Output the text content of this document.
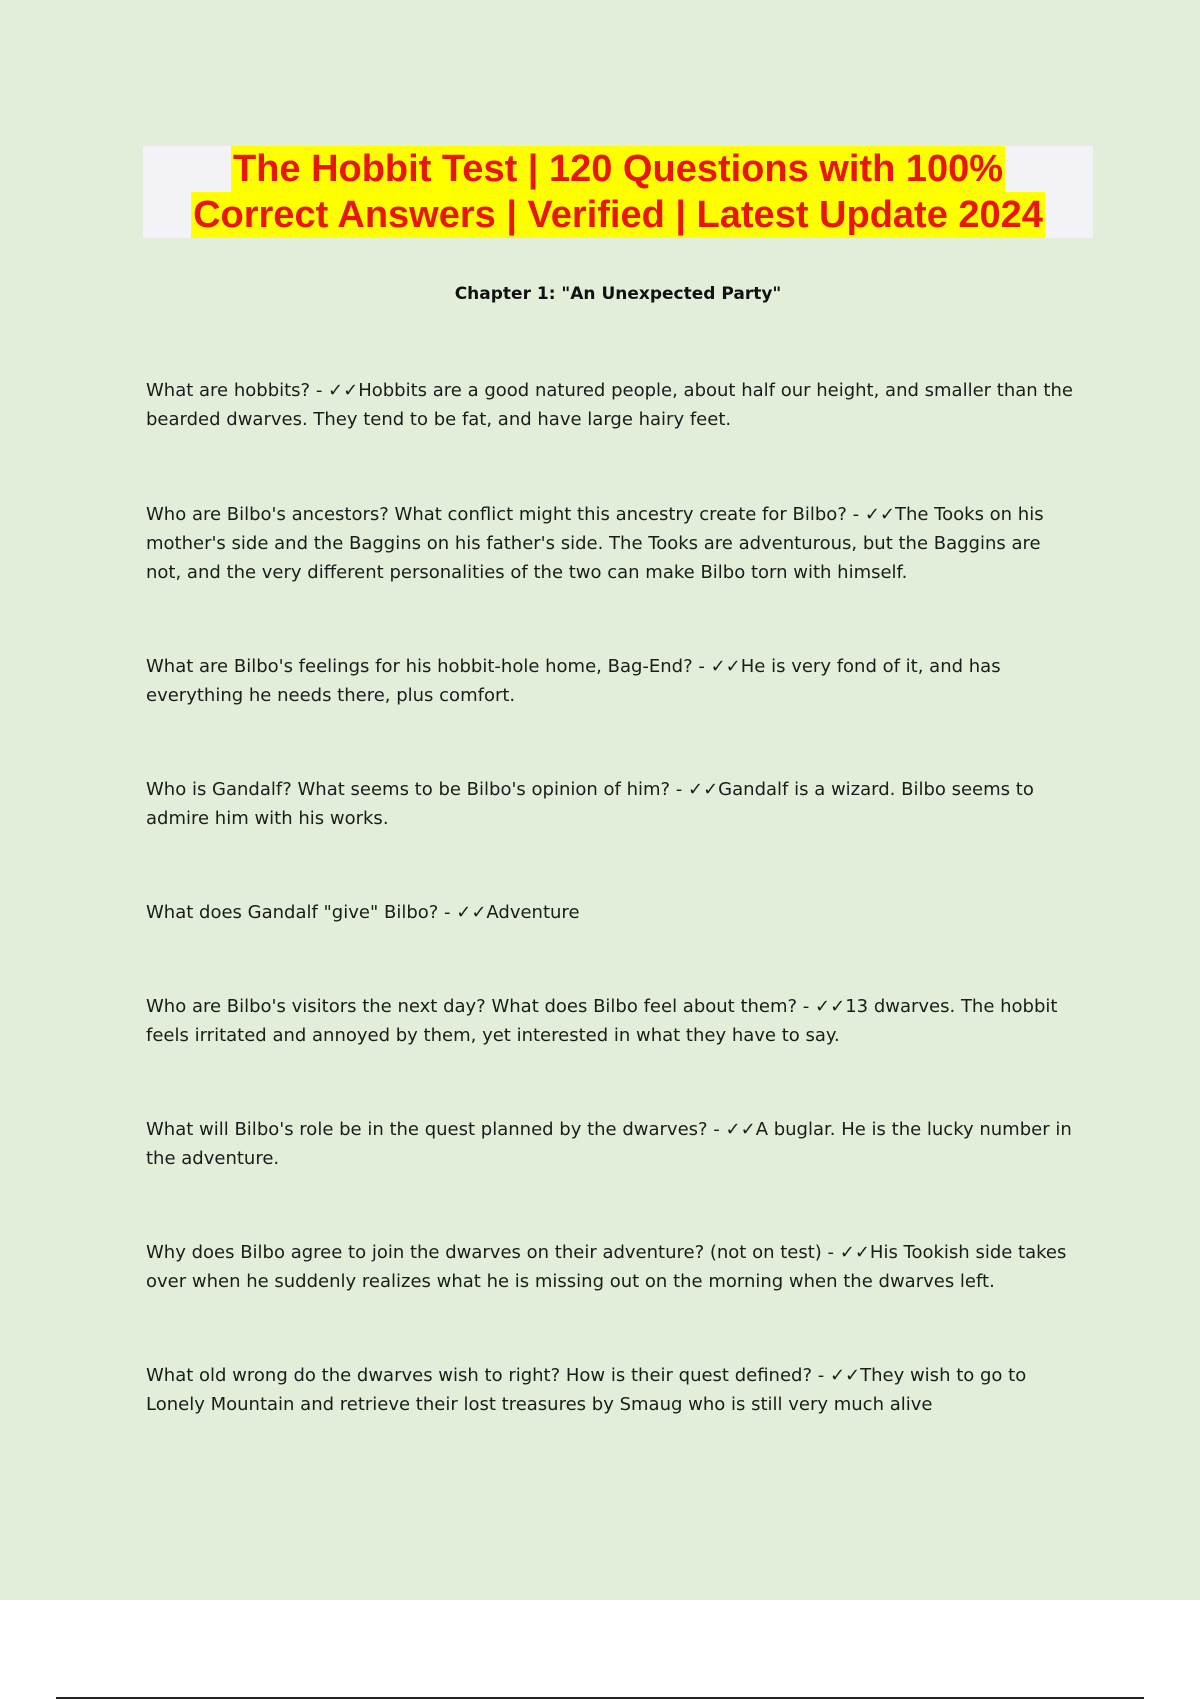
The Hobbit Test | 120 Questions with 100%
Correct Answers | Verified | Latest Update 2024
Chapter 1: "An Unexpected Party"

What are hobbits? - ✓✓Hobbits are a good natured people, about half our height, and smaller than the bearded dwarves. They tend to be fat, and have large hairy feet.

Who are Bilbo's ancestors? What conflict might this ancestry create for Bilbo? - ✓✓The Tooks on his mother's side and the Baggins on his father's side. The Tooks are adventurous, but the Baggins are not, and the very different personalities of the two can make Bilbo torn with himself.

What are Bilbo's feelings for his hobbit-hole home, Bag-End? - ✓✓He is very fond of it, and has everything he needs there, plus comfort.

Who is Gandalf? What seems to be Bilbo's opinion of him? - ✓✓Gandalf is a wizard. Bilbo seems to admire him with his works.

What does Gandalf "give" Bilbo? - ✓✓Adventure

Who are Bilbo's visitors the next day? What does Bilbo feel about them? - ✓✓13 dwarves. The hobbit feels irritated and annoyed by them, yet interested in what they have to say.

What will Bilbo's role be in the quest planned by the dwarves? - ✓✓A buglar. He is the lucky number in the adventure.

Why does Bilbo agree to join the dwarves on their adventure? (not on test) - ✓✓His Tookish side takes over when he suddenly realizes what he is missing out on the morning when the dwarves left.

What old wrong do the dwarves wish to right? How is their quest defined? - ✓✓They wish to go to Lonely Mountain and retrieve their lost treasures by Smaug who is still very much alive
